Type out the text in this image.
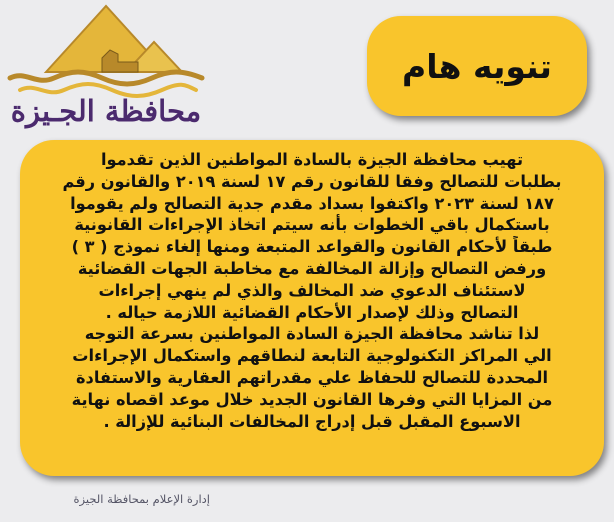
محافظة الجـيزة
تنويه هام
تهيب محافظة الجيزة بالسادة المواطنين الذين تقدموا
بطلبات للتصالح وفقا للقانون رقم ١٧ لسنة ٢٠١٩ والقانون رقم
١٨٧ لسنة ٢٠٢٣ واكتفوا بسداد مقدم جدية التصالح ولم يقوموا
باستكمال باقي الخطوات بأنه سيتم اتخاذ الإجراءات القانونية
طبقاً لأحكام القانون والقواعد المتبعة ومنها إلغاء نموذج ( ٣ )
ورفض التصالح وإزالة المخالفة مع مخاطبة الجهات القضائية
لاستئناف الدعوي ضد المخالف والذي لم ينهي إجراءات
التصالح وذلك لإصدار الأحكام القضائية اللازمة حياله .
لذا تناشد محافظة الجيزة السادة المواطنين بسرعة التوجه
الي المراكز التكنولوجية التابعة لنطاقهم واستكمال الإجراءات
المحددة للتصالح للحفاظ علي مقدراتهم العقارية والاستفادة
من المزايا التي وفرها القانون الجديد خلال موعد اقصاه نهاية
الاسبوع المقبل قبل إدراج المخالفات البنائية للإزالة .
إدارة الإعلام بمحافظة الجيزة
